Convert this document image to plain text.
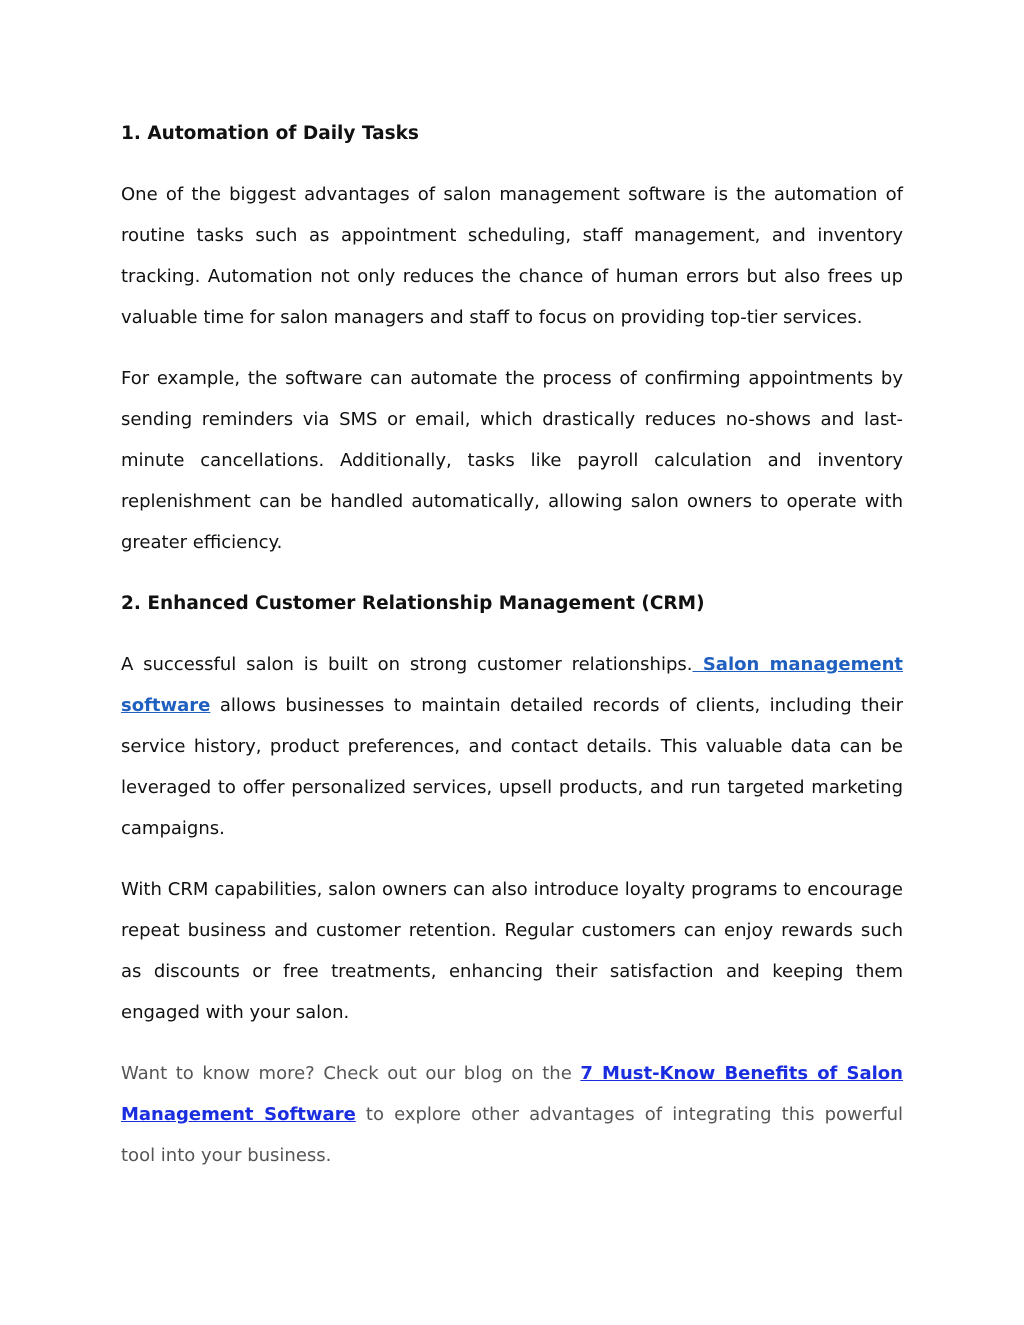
1. Automation of Daily Tasks

One of the biggest advantages of salon management software is the automation of routine tasks such as appointment scheduling, staff management, and inventory tracking. Automation not only reduces the chance of human errors but also frees up valuable time for salon managers and staff to focus on providing top-tier services.

For example, the software can automate the process of confirming appointments by sending reminders via SMS or email, which drastically reduces no-shows and last-minute cancellations. Additionally, tasks like payroll calculation and inventory replenishment can be handled automatically, allowing salon owners to operate with greater efficiency.

2. Enhanced Customer Relationship Management (CRM)

A successful salon is built on strong customer relationships. Salon management software allows businesses to maintain detailed records of clients, including their service history, product preferences, and contact details. This valuable data can be leveraged to offer personalized services, upsell products, and run targeted marketing campaigns.

With CRM capabilities, salon owners can also introduce loyalty programs to encourage repeat business and customer retention. Regular customers can enjoy rewards such as discounts or free treatments, enhancing their satisfaction and keeping them engaged with your salon.

Want to know more? Check out our blog on the 7 Must-Know Benefits of Salon Management Software to explore other advantages of integrating this powerful tool into your business.
